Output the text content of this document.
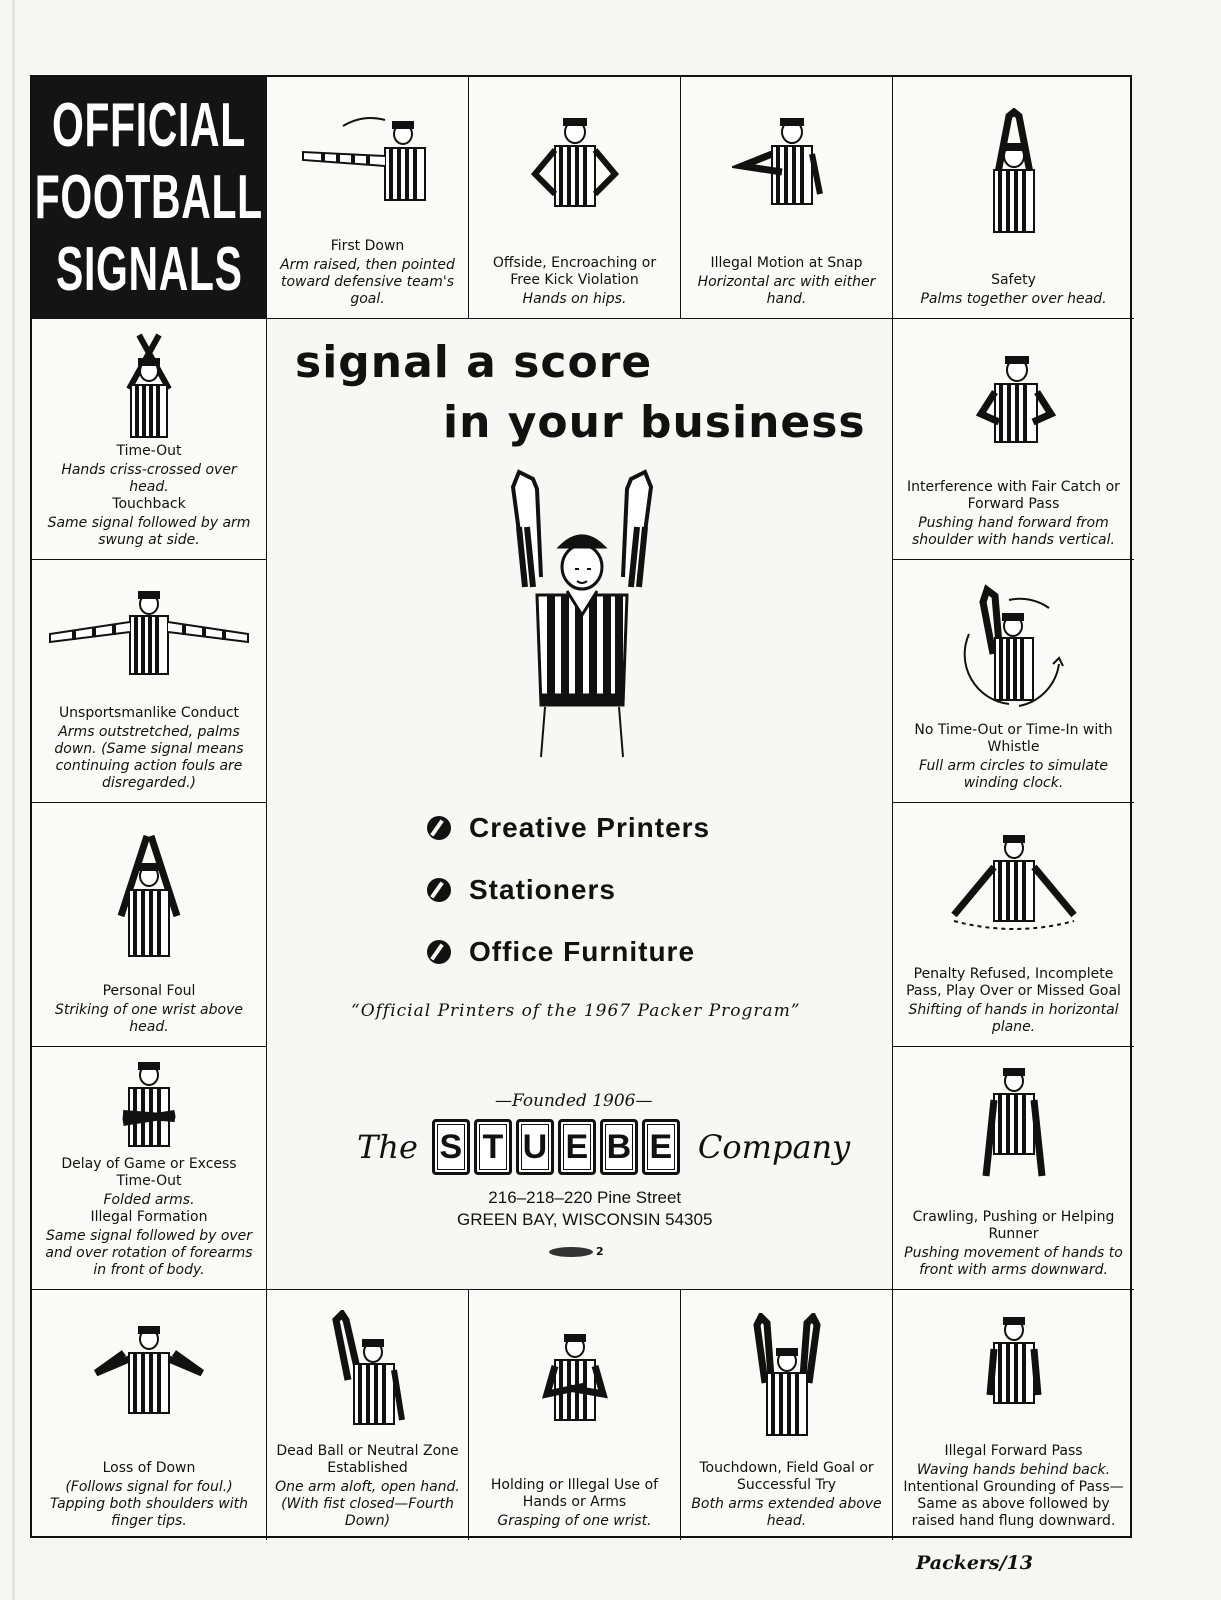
OFFICIAL
FOOTBALL
SIGNALS	First Down

Arm raised, then pointed toward defensive team's goal.

Offside, Encroaching or Free Kick Violation

Hands on hips.

Illegal Motion at Snap

Horizontal arc with either hand.

Safety

Palms together over head.

Time-Out

Hands criss-crossed over head.

Touchback

Same signal followed by arm swung at side.

Unsportsmanlike Conduct

Arms outstretched, palms down. (Same signal means continuing action fouls are disregarded.)

Personal Foul

Striking of one wrist above head.

Delay of Game or Excess Time-Out

Folded arms.

Illegal Formation

Same signal followed by over and over rotation of forearms in front of body.

signal a score

in your business

Creative Printers
Stationers
Office Furniture
“Official Printers of the 1967 Packer Program”
—Founded 1906—
The S T U E B E Company
216–218–220 Pine Street
GREEN BAY, WISCONSIN 54305
2

Interference with Fair Catch or Forward Pass

Pushing hand forward from shoulder with hands vertical.

No Time-Out or Time-In with Whistle

Full arm circles to simulate winding clock.

Penalty Refused, Incomplete Pass, Play Over or Missed Goal

Shifting of hands in horizontal plane.

Crawling, Pushing or Helping Runner

Pushing movement of hands to front with arms downward.

Loss of Down

(Follows signal for foul.) Tapping both shoulders with finger tips.

Dead Ball or Neutral Zone Established

One arm aloft, open hand. (With fist closed—Fourth Down)

Holding or Illegal Use of Hands or Arms

Grasping of one wrist.

Touchdown, Field Goal or Successful Try

Both arms extended above head.

Illegal Forward Pass

Waving hands behind back.

Intentional Grounding of Pass—Same as above followed by raised hand flung downward.

Packers/13
